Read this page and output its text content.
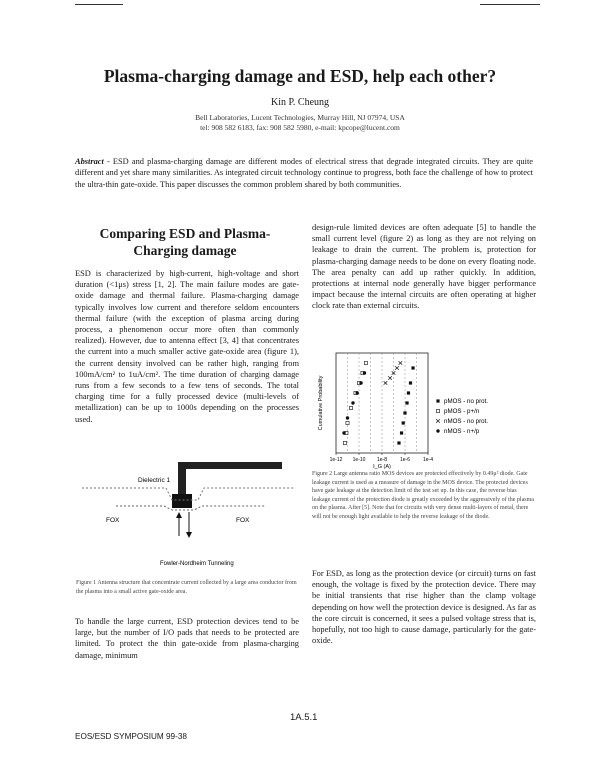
Plasma-charging damage and ESD, help each other?
Kin P. Cheung
Bell Laboratories, Lucent Technologies, Murray Hill, NJ 07974, USA
tel: 908 582 6183, fax: 908 582 5980, e-mail: kpcope@lucent.com
Abstract - ESD and plasma-charging damage are different modes of electrical stress that degrade integrated circuits. They are quite different and yet share many similarities. As integrated circuit technology continue to progress, both face the challenge of how to protect the ultra-thin gate-oxide. This paper discusses the common problem shared by both communities.
Comparing ESD and Plasma-
Charging damage
ESD is characterized by high-current, high-voltage and short duration (<1μs) stress [1, 2]. The main failure modes are gate-oxide damage and thermal failure. Plasma-charging damage typically involves low current and therefore seldom encounters thermal failure (with the exception of plasma arcing during process, a phenomenon occur more often than commonly realized). However, due to antenna effect [3, 4] that concentrates the current into a much smaller active gate-oxide area (figure 1), the current density involved can be rather high, ranging from 100mA/cm² to 1uA/cm². The time duration of charging damage runs from a few seconds to a few tens of seconds. The total charging time for a fully processed device (multi-levels of metallization) can be up to 1000s depending on the processes used.
Dielectric 1
FOX	FOX
Fowler-Nordheim Tunneling
Figure 1 Antenna structure that concentrate current collected by a large area conductor from the plasma into a small active gate-oxide area.
To handle the large current, ESD protection devices tend to be large, but the number of I/O pads that needs to be protected are limited. To protect the thin gate-oxide from plasma-charging damage, minimum
design-rule limited devices are often adequate [5] to handle the small current level (figure 2) as long as they are not relying on leakage to drain the current. The problem is, protection for plasma-charging damage needs to be done on every floating node. The area penalty can add up rather quickly. In addition, protections at internal node generally have bigger performance impact because the internal circuits are often operating at higher clock rate than external circuits.
1e-12 1e-10 1e-8	1e-6	1e-4
I_G (A)
Cumulative Probability	pMOS - no prot.
pMOS - p+/n
nMOS - no prot.
nMOS - n+/p
Figure 2 Large antenna ratio MOS devices are protected effectively by 0.49μ² diode. Gate leakage current is used as a measure of damage in the MOS device. The protected devices have gate leakage at the detection limit of the test set up. In this case, the reverse bias leakage current of the protection diode is greatly exceeded by the aggressively of the plasma on the plasma. After [5]. Note that for circuits with very dense multi-layers of metal, there will not be enough light available to help the reverse leakage of the diode.
For ESD, as long as the protection device (or circuit) turns on fast enough, the voltage is fixed by the protection device. There may be initial transients that rise higher than the clamp voltage depending on how well the protection device is designed. As far as the core circuit is concerned, it sees a pulsed voltage stress that is, hopefully, not too high to cause damage, particularly for the gate-oxide.
1A.5.1
EOS/ESD SYMPOSIUM 99-38
